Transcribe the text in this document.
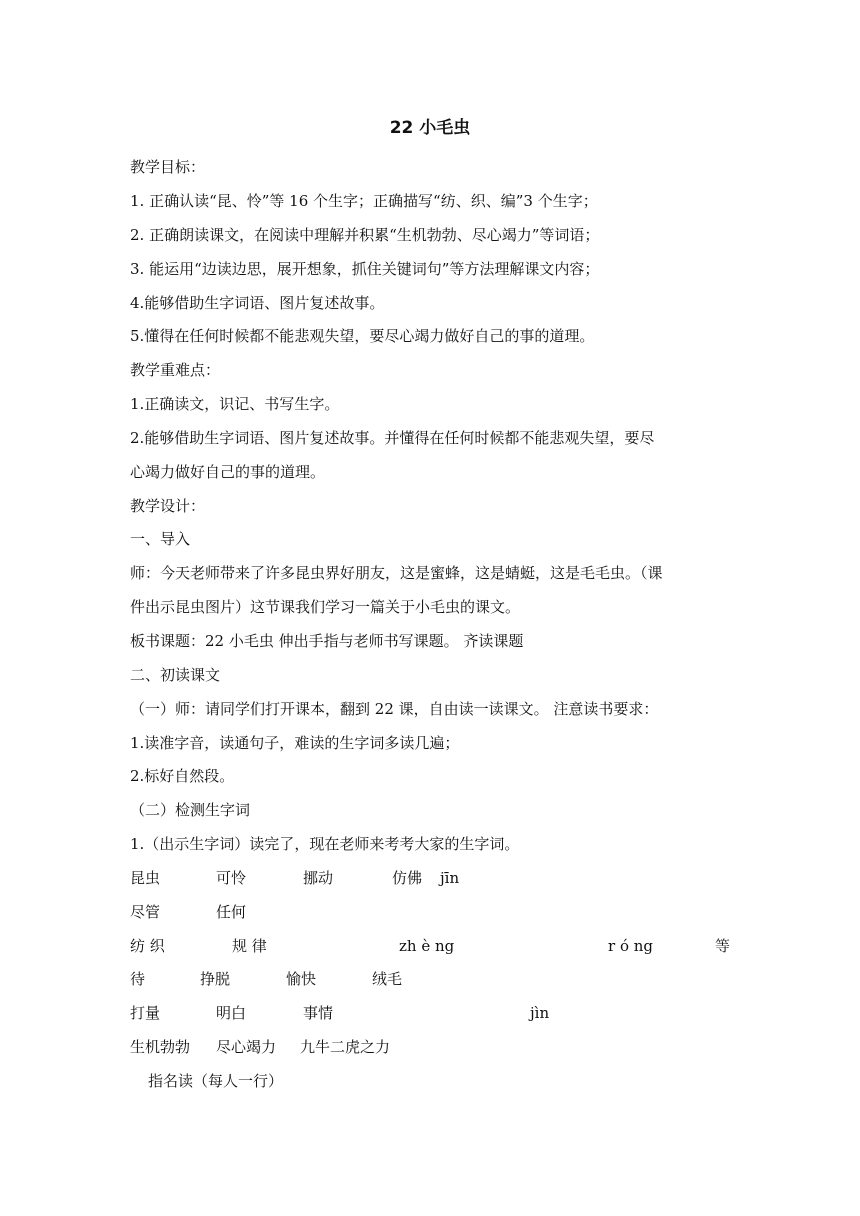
22 小毛虫
教学目标：
1. 正确认读“昆、怜”等 16 个生字；正确描写“纺、织、编”3 个生字；
2. 正确朗读课文，在阅读中理解并积累“生机勃勃、尽心竭力”等词语；
3. 能运用“边读边思，展开想象，抓住关键词句”等方法理解课文内容；
4.能够借助生字词语、图片复述故事。
5.懂得在任何时候都不能悲观失望，要尽心竭力做好自己的事的道理。
教学重难点：
1.正确读文，识记、书写生字。
2.能够借助生字词语、图片复述故事。并懂得在任何时候都不能悲观失望，要尽
心竭力做好自己的事的道理。
教学设计：
一、导入
师：今天老师带来了许多昆虫界好朋友，这是蜜蜂，这是蜻蜓，这是毛毛虫。（课
件出示昆虫图片）这节课我们学习一篇关于小毛虫的课文。
板书课题：22 小毛虫 伸出手指与老师书写课题。 齐读课题
二、初读课文
（一）师：请同学们打开课本，翻到 22 课，自由读一读课文。 注意读书要求：
1.读准字音，读通句子，难读的生字词多读几遍；
2.标好自然段。
（二）检测生字词
1.（出示生字词）读完了，现在老师来考考大家的生字词。
昆虫	可怜	挪动	仿佛 jīn
尽管	任何
纺 织	规 律	zh è ng	r ó ng	等
待	挣脱	愉快	绒毛
打量	明白	事情	jìn
生机勃勃 尽心竭力 九牛二虎之力
指名读（每人一行）
